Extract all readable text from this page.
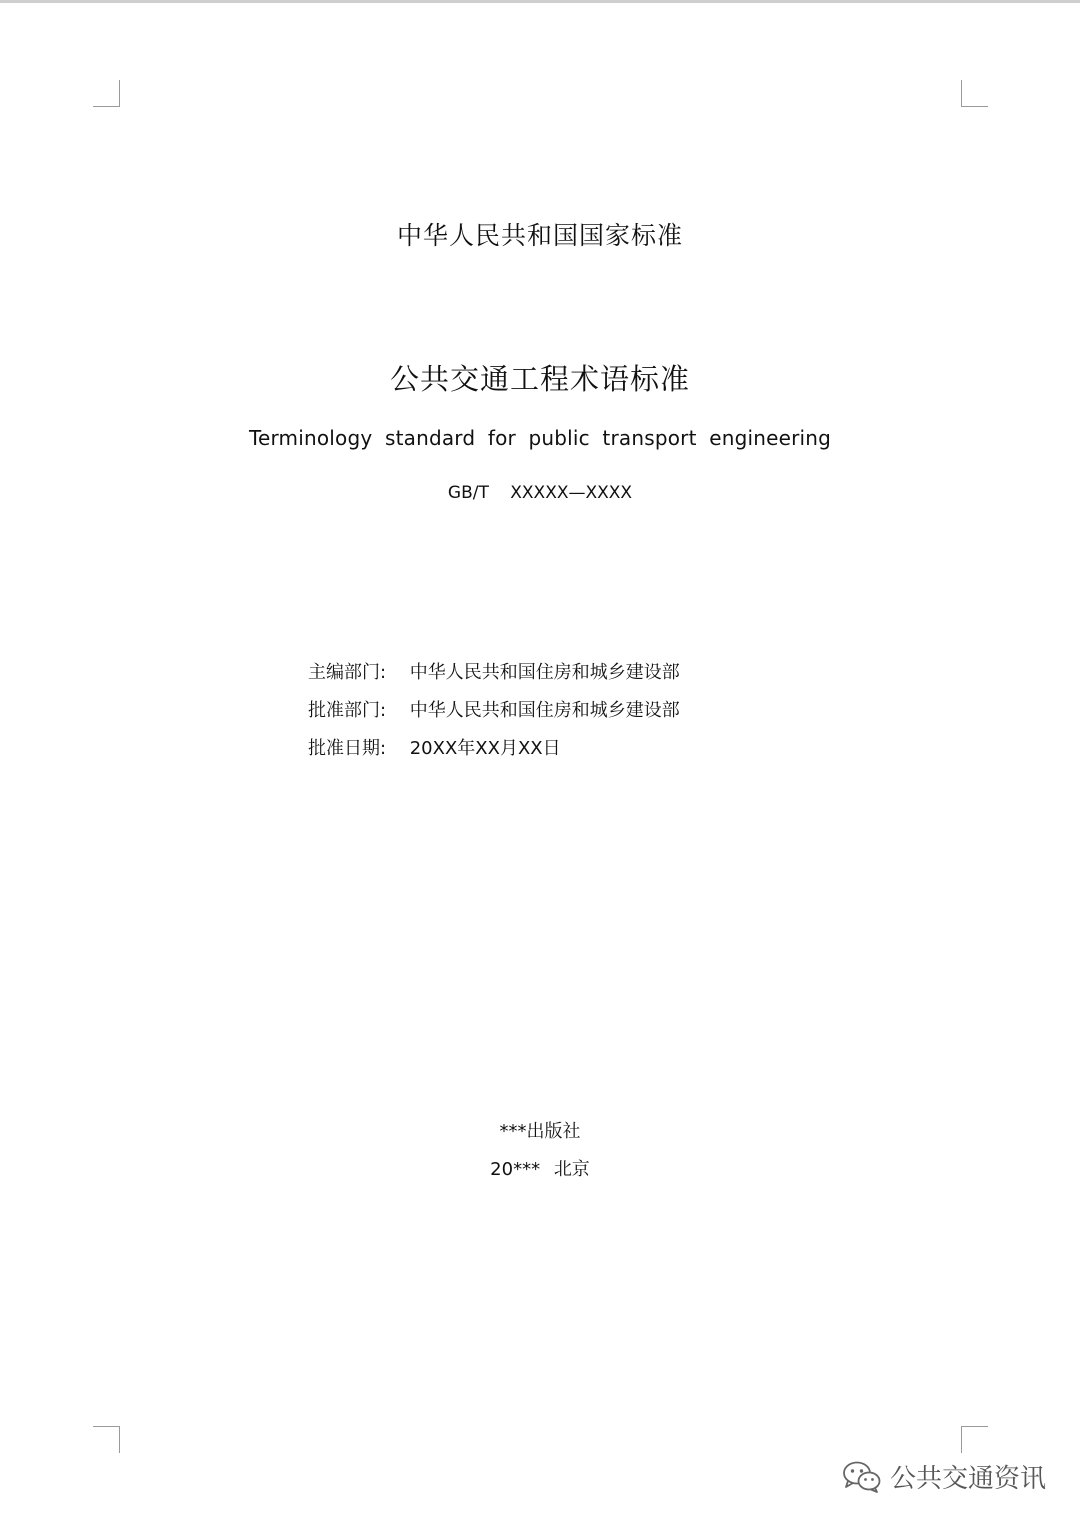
中华人民共和国国家标准
公共交通工程术语标准
Terminology standard for public transport engineering
GB/T XXXXX—XXXX
主编部门: 中华人民共和国住房和城乡建设部
批准部门: 中华人民共和国住房和城乡建设部
批准日期: 20XX年XX月XX日
***出版社
20*** 北京
公共交通资讯
